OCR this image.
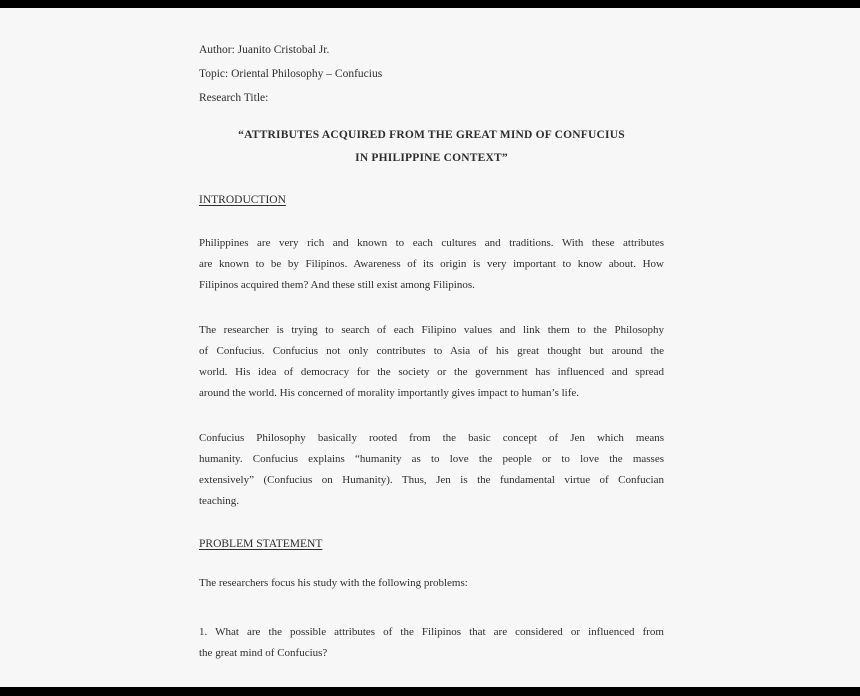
Author: Juanito Cristobal Jr.
Topic: Oriental Philosophy – Confucius
Research Title:
“ATTRIBUTES ACQUIRED FROM THE GREAT MIND OF CONFUCIUS
IN PHILIPPINE CONTEXT”
INTRODUCTION
Philippines are very rich and known to each cultures and traditions. With these attributes
are known to be by Filipinos. Awareness of its origin is very important to know about. How
Filipinos acquired them? And these still exist among Filipinos.
The researcher is trying to search of each Filipino values and link them to the Philosophy
of Confucius. Confucius not only contributes to Asia of his great thought but around the
world. His idea of democracy for the society or the government has influenced and spread
around the world. His concerned of morality importantly gives impact to human’s life.
Confucius Philosophy basically rooted from the basic concept of Jen which means
humanity. Confucius explains “humanity as to love the people or to love the masses
extensively” (Confucius on Humanity). Thus, Jen is the fundamental virtue of Confucian
teaching.
PROBLEM STATEMENT
The researchers focus his study with the following problems:
1. What are the possible attributes of the Filipinos that are considered or influenced from
the great mind of Confucius?
